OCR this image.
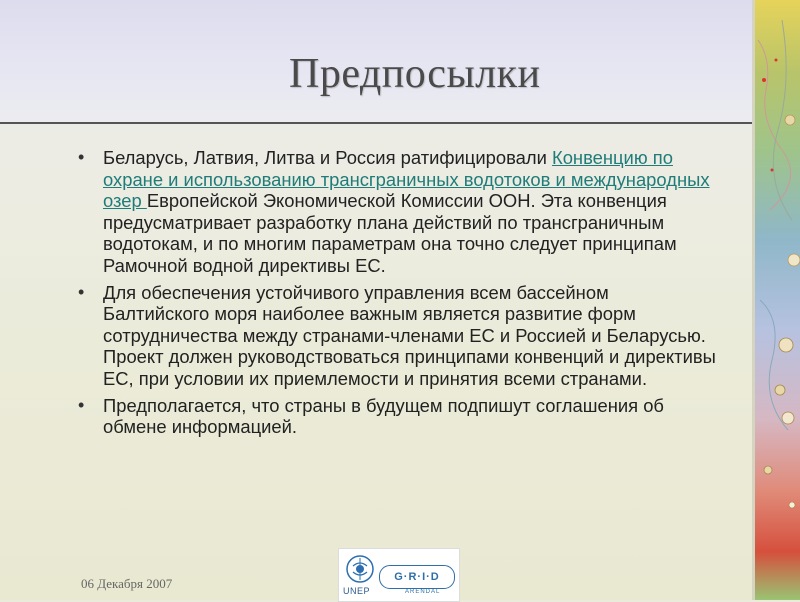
Предпосылки
• Беларусь, Латвия, Литва и Россия ратифицировали Конвенцию по охране и использованию трансграничных водотоков и международных озер Европейской Экономической Комиссии ООН. Эта конвенция предусматривает разработку плана действий по трансграничным водотокам, и по многим параметрам она точно следует принципам Рамочной водной директивы ЕС.
• Для обеспечения устойчивого управления всем бассейном Балтийского моря наиболее важным является развитие форм сотрудничества между странами-членами ЕС и Россией и Беларусью. Проект должен руководствоваться принципами конвенций и директивы ЕС, при условии их приемлемости и принятия всеми странами.
• Предполагается, что страны в будущем подпишут соглашения об обмене информацией.
06 Декабря 2007	UNEP
G·R·I·D
ARENDAL
